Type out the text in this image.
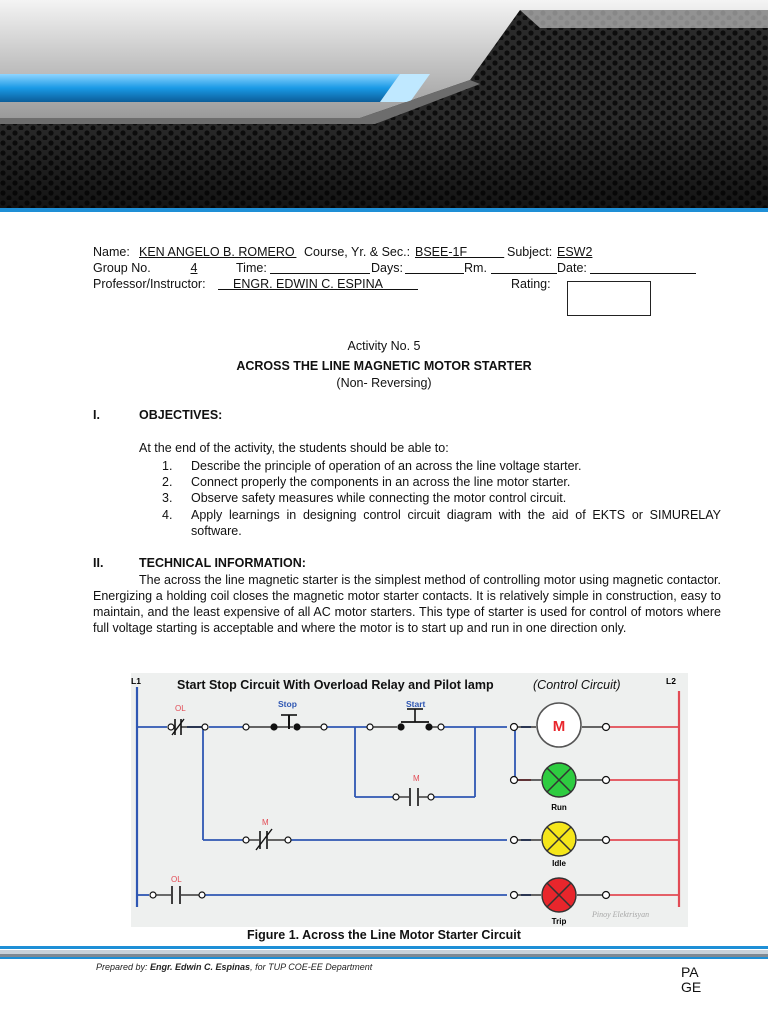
Name: KEN ANGELO B. ROMERO
Course, Yr. & Sec.: BSEE-1F
	Subject: ESW2
Group No.	4	Time:	Days:	Rm.	Date:
Professor/Instructor: ENGR. EDWIN C. ESPINA	Rating:
Activity No. 5
ACROSS THE LINE MAGNETIC MOTOR STARTER
(Non- Reversing)
I.	OBJECTIVES:
At the end of the activity, the students should be able to:
1. Describe the principle of operation of an across the line voltage starter.
2. Connect properly the components in an across the line motor starter.
3. Observe safety measures while connecting the motor control circuit.
4. Apply learnings in designing control circuit diagram with the aid of EKTS or SIMURELAY software.
II.	TECHNICAL INFORMATION:
The across the line magnetic starter is the simplest method of controlling motor using magnetic contactor. Energizing a holding coil closes the magnetic motor starter contacts. It is relatively simple in construction, easy to maintain, and the least expensive of all AC motor starters. This type of starter is used for control of motors where full voltage starting is acceptable and where the motor is to start up and run in one direction only.
L1	L2
Start Stop Circuit With Overload Relay and Pilot lamp	(Control Circuit)
OL	Stop	Start
M
M
OL
M
Run
Idle
Trip
Pinoy Elektrisyan
Figure 1. Across the Line Motor Starter Circuit
Prepared by: Engr. Edwin C. Espinas, for TUP COE-EE Department	PA GE
